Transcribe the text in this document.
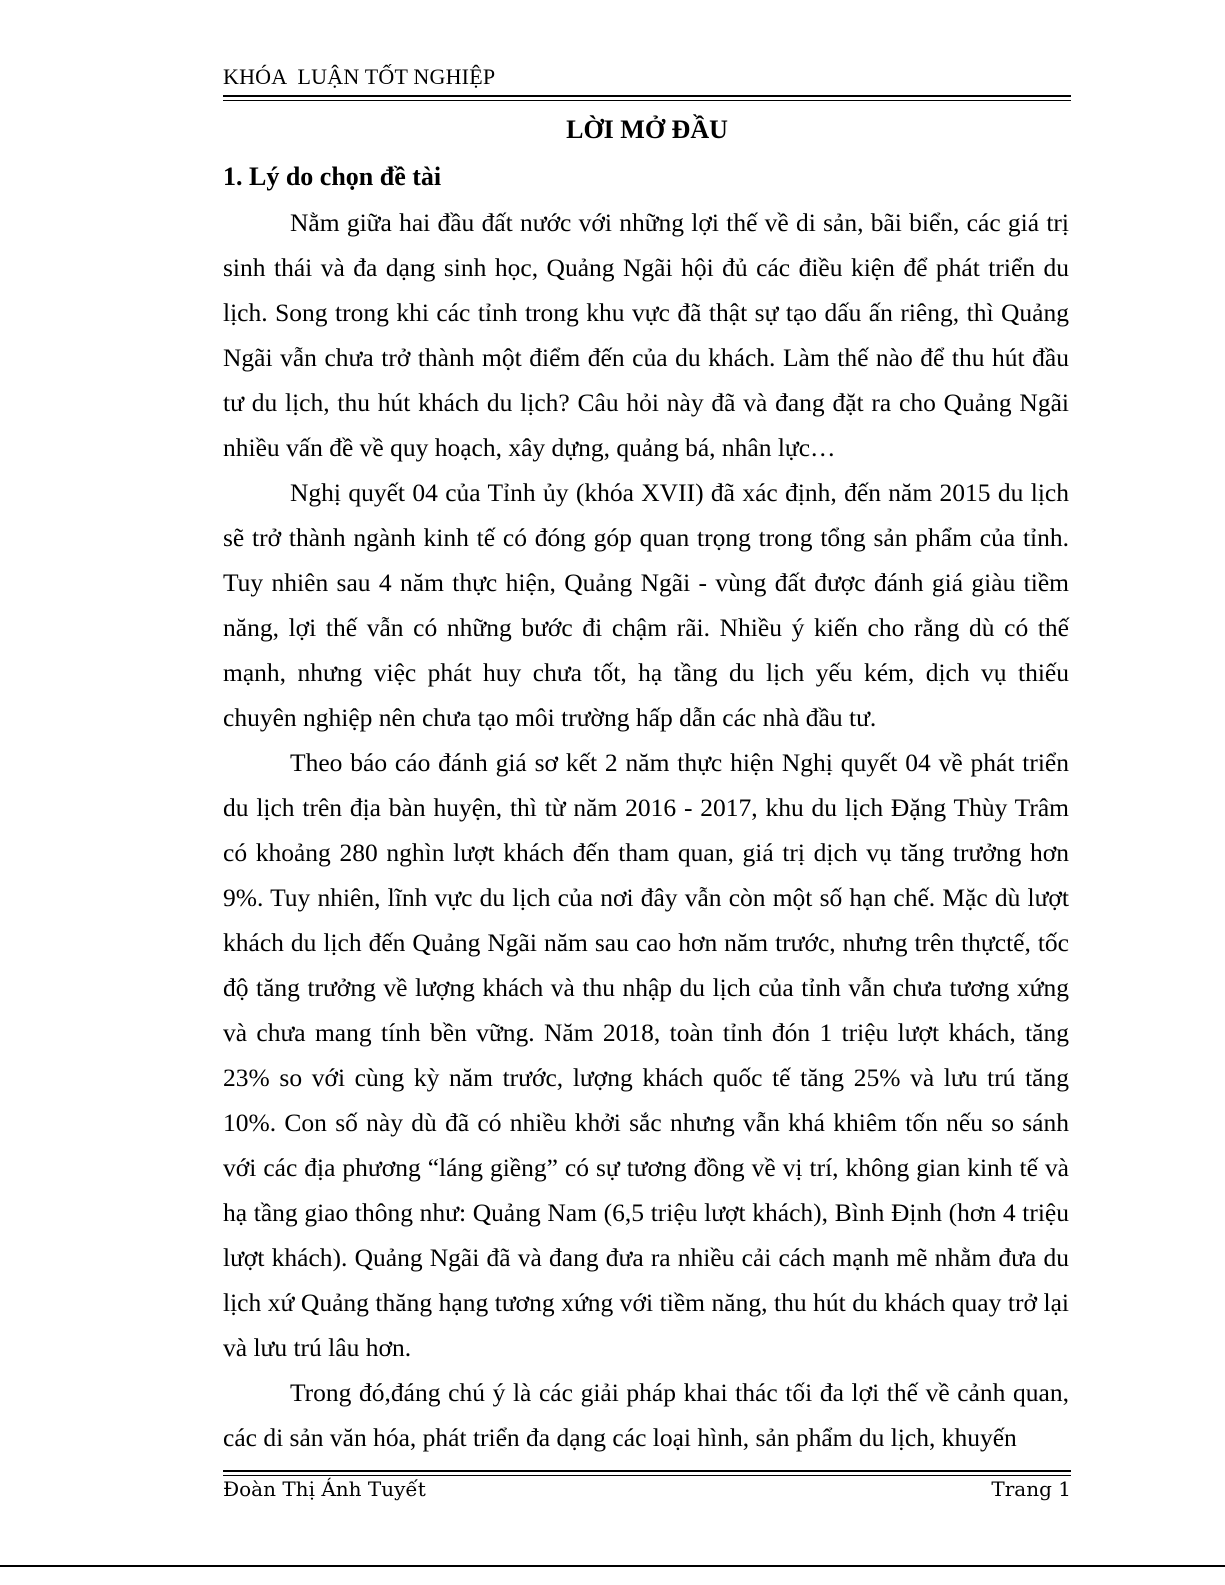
KHÓA  LUẬN TỐT NGHIỆP
LỜI MỞ ĐẦU
1. Lý do chọn đề tài

Nằm giữa hai đầu đất nước với những lợi thế về di sản, bãi biển, các giá trị sinh thái và đa dạng sinh học, Quảng Ngãi hội đủ các điều kiện để phát triển du lịch. Song trong khi các tỉnh trong khu vực đã thật sự tạo dấu ấn riêng, thì Quảng Ngãi vẫn chưa trở thành một điểm đến của du khách. Làm thế nào để thu hút đầu tư du lịch, thu hút khách du lịch? Câu hỏi này đã và đang đặt ra cho Quảng Ngãi nhiều vấn đề về quy hoạch, xây dựng, quảng bá, nhân lực…

Nghị quyết 04 của Tỉnh ủy (khóa XVII) đã xác định, đến năm 2015 du lịch sẽ trở thành ngành kinh tế có đóng góp quan trọng trong tổng sản phẩm của tỉnh. Tuy nhiên sau 4 năm thực hiện, Quảng Ngãi - vùng đất được đánh giá giàu tiềm năng, lợi thế vẫn có những bước đi chậm rãi. Nhiều ý kiến cho rằng dù có thế mạnh, nhưng việc phát huy chưa tốt, hạ tầng du lịch yếu kém, dịch vụ thiếu chuyên nghiệp nên chưa tạo môi trường hấp dẫn các nhà đầu tư.

Theo báo cáo đánh giá sơ kết 2 năm thực hiện Nghị quyết 04 về phát triển du lịch trên địa bàn huyện, thì từ năm 2016 - 2017, khu du lịch Đặng Thùy Trâm có khoảng 280 nghìn lượt khách đến tham quan, giá trị dịch vụ tăng trưởng hơn 9%. Tuy nhiên, lĩnh vực du lịch của nơi đây vẫn còn một số hạn chế. Mặc dù lượt khách du lịch đến Quảng Ngãi năm sau cao hơn năm trước, nhưng trên thựctế, tốc độ tăng trưởng về lượng khách và thu nhập du lịch của tỉnh vẫn chưa tương xứng và chưa mang tính bền vững. Năm 2018, toàn tỉnh đón 1 triệu lượt khách, tăng 23% so với cùng kỳ năm trước, lượng khách quốc tế tăng 25% và lưu trú tăng 10%. Con số này dù đã có nhiều khởi sắc nhưng vẫn khá khiêm tốn nếu so sánh với các địa phương “láng giềng” có sự tương đồng về vị trí, không gian kinh tế và hạ tầng giao thông như: Quảng Nam (6,5 triệu lượt khách), Bình Định (hơn 4 triệu lượt khách). Quảng Ngãi đã và đang đưa ra nhiều cải cách mạnh mẽ nhằm đưa du lịch xứ Quảng thăng hạng tương xứng với tiềm năng, thu hút du khách quay trở lại và lưu trú lâu hơn.

Trong đó,đáng chú ý là các giải pháp khai thác tối đa lợi thế về cảnh quan, các di sản văn hóa, phát triển đa dạng các loại hình, sản phẩm du lịch, khuyến

Đoàn Thị Ánh Tuyết	Trang 1
